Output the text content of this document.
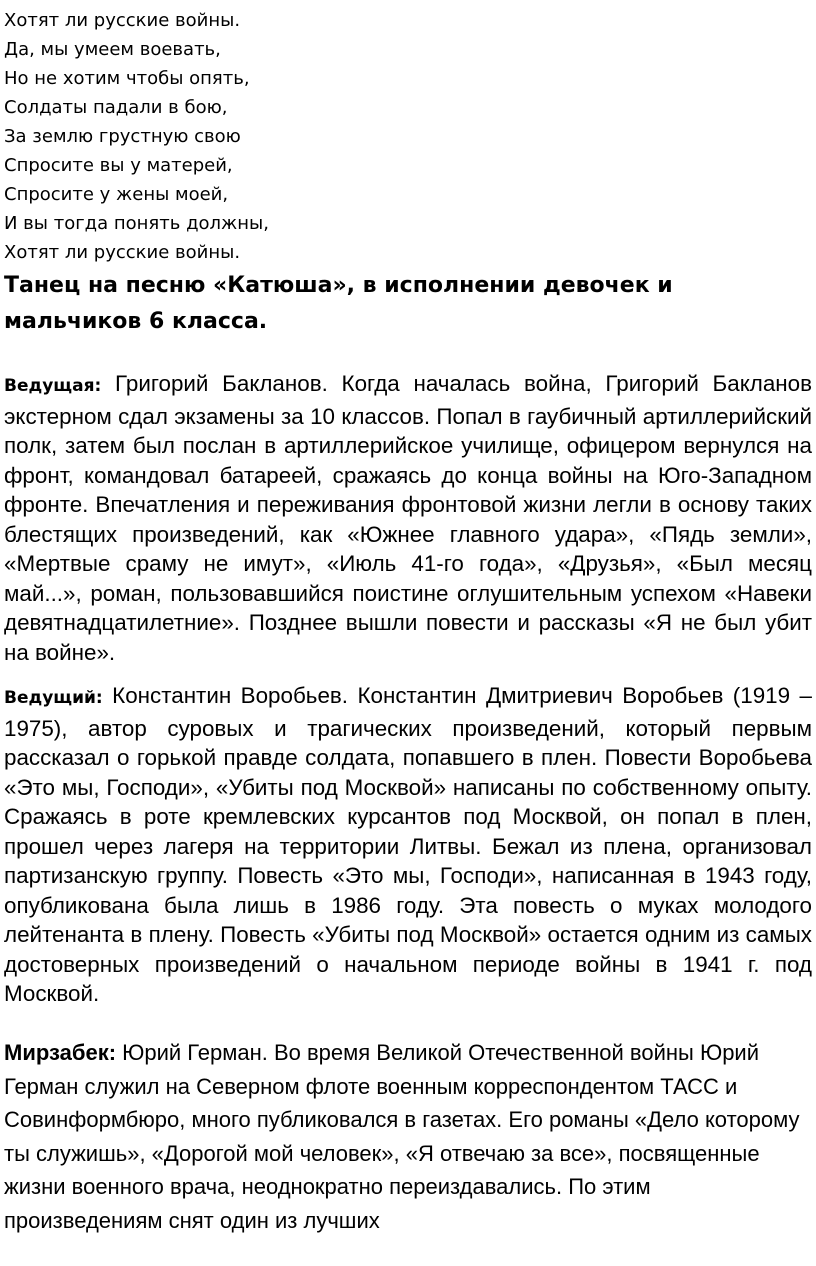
Хотят ли русские войны.
Да, мы умеем воевать,
Но не хотим чтобы опять,
Солдаты падали в бою,
За землю грустную свою
Спросите вы у матерей,
Спросите у жены моей,
И вы тогда понять должны,
Хотят ли русские войны.
Танец на песню «Катюша», в исполнении девочек и мальчиков 6 класса.

Ведущая: Григорий Бакланов. Когда началась война, Григорий Бакланов экстерном сдал экзамены за 10 классов. Попал в гаубичный артиллерийский полк, затем был послан в артиллерийское училище, офицером вернулся на фронт, командовал батареей, сражаясь до конца войны на Юго-Западном фронте. Впечатления и переживания фронтовой жизни легли в основу таких блестящих произведений, как «Южнее главного удара», «Пядь земли», «Мертвые сраму не имут», «Июль 41-го года», «Друзья», «Был месяц май...», роман, пользовавшийся поистине оглушительным успехом «Навеки девятнадцатилетние». Позднее вышли повести и рассказы «Я не был убит на войне».

Ведущий: Константин Воробьев. Константин Дмитриевич Воробьев (1919 – 1975), автор суровых и трагических произведений, который первым рассказал о горькой правде солдата, попавшего в плен. Повести Воробьева «Это мы, Господи», «Убиты под Москвой» написаны по собственному опыту. Сражаясь в роте кремлевских курсантов под Москвой, он попал в плен, прошел через лагеря на территории Литвы. Бежал из плена, организовал партизанскую группу. Повесть «Это мы, Господи», написанная в 1943 году, опубликована была лишь в 1986 году. Эта повесть о муках молодого лейтенанта в плену. Повесть «Убиты под Москвой» остается одним из самых достоверных произведений о начальном периоде войны в 1941 г. под Москвой.

Мирзабек: Юрий Герман. Во время Великой Отечественной войны Юрий Герман служил на Северном флоте военным корреспондентом ТАСС и Совинформбюро, много публиковался в газетах. Его романы «Дело которому ты служишь», «Дорогой мой человек», «Я отвечаю за все», посвященные жизни военного врача, неоднократно переиздавались. По этим произведениям снят один из лучших
